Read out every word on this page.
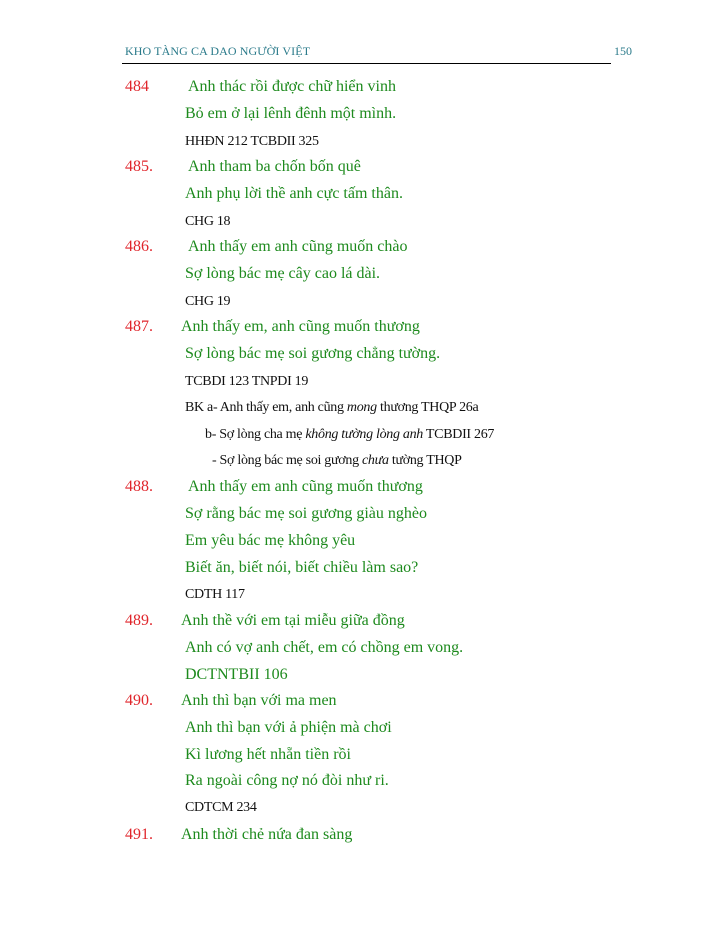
KHO TÀNG CA DAO NGƯỜI VIỆT	150
484 Anh thác rồi được chữ hiển vinh
Bỏ em ở lại lênh đênh một mình.
HHĐN 212 TCBDII 325
485. Anh tham ba chốn bốn quê
Anh phụ lời thề anh cực tấm thân.
CHG 18
486. Anh thấy em anh cũng muốn chào
Sợ lòng bác mẹ cây cao lá dài.
CHG 19
487. Anh thấy em, anh cũng muốn thương
Sợ lòng bác mẹ soi gương chẳng tường.
TCBDI 123 TNPDI 19
BK a- Anh thấy em, anh cũng mong thương THQP 26a
b- Sợ lòng cha mẹ không tường lòng anh TCBDII 267
- Sợ lòng bác mẹ soi gương chưa tường THQP
488. Anh thấy em anh cũng muốn thương
Sợ rằng bác mẹ soi gương giàu nghèo
Em yêu bác mẹ không yêu
Biết ăn, biết nói, biết chiều làm sao?
CDTH 117
489. Anh thề với em tại miễu giữa đồng
Anh có vợ anh chết, em có chồng em vong.
DCTNTBII 106
490. Anh thì bạn với ma men
Anh thì bạn với ả phiện mà chơi
Kì lương hết nhẵn tiền rồi
Ra ngoài công nợ nó đòi như ri.
CDTCM 234
491. Anh thời chẻ nứa đan sàng
